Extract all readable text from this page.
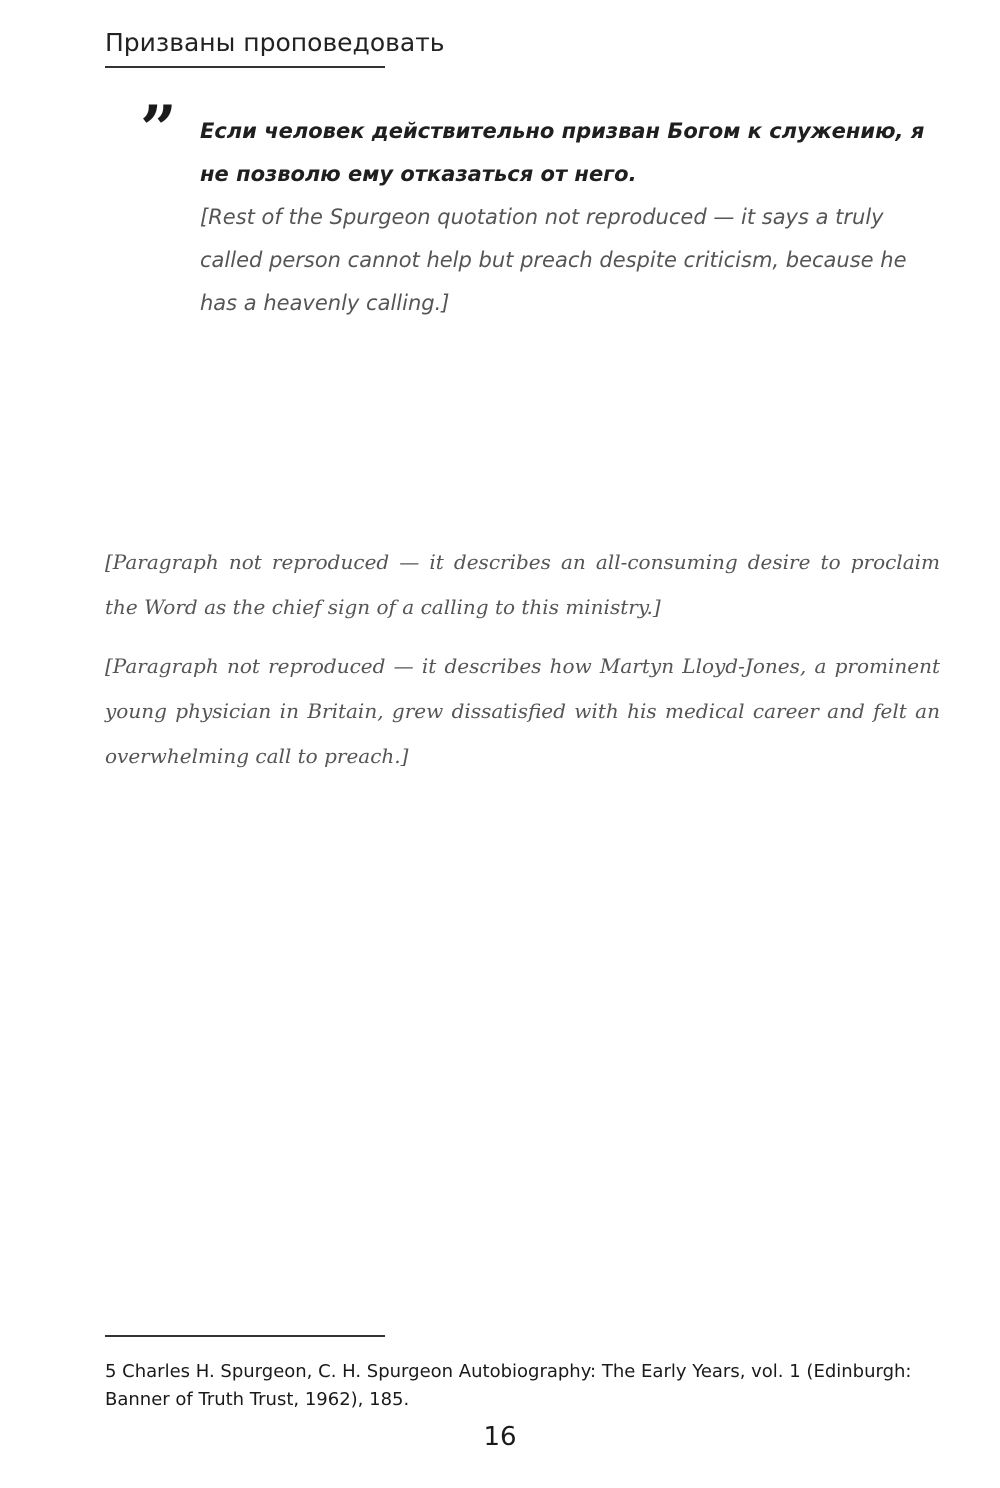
Призваны проповедовать
” Если человек действительно призван Богом к служению, я не позволю ему отказаться от него.
[Rest of the Spurgeon quotation not reproduced — it says a truly called person cannot help but preach despite criticism, because he has a heavenly calling.]

[Paragraph not reproduced — it describes an all-consuming desire to proclaim the Word as the chief sign of a calling to this ministry.]

[Paragraph not reproduced — it describes how Martyn Lloyd-Jones, a prominent young physician in Britain, grew dissatisfied with his medical career and felt an overwhelming call to preach.]

5 Charles H. Spurgeon, C. H. Spurgeon Autobiography: The Early Years, vol. 1 (Edinburgh: Banner of Truth Trust, 1962), 185.
16
